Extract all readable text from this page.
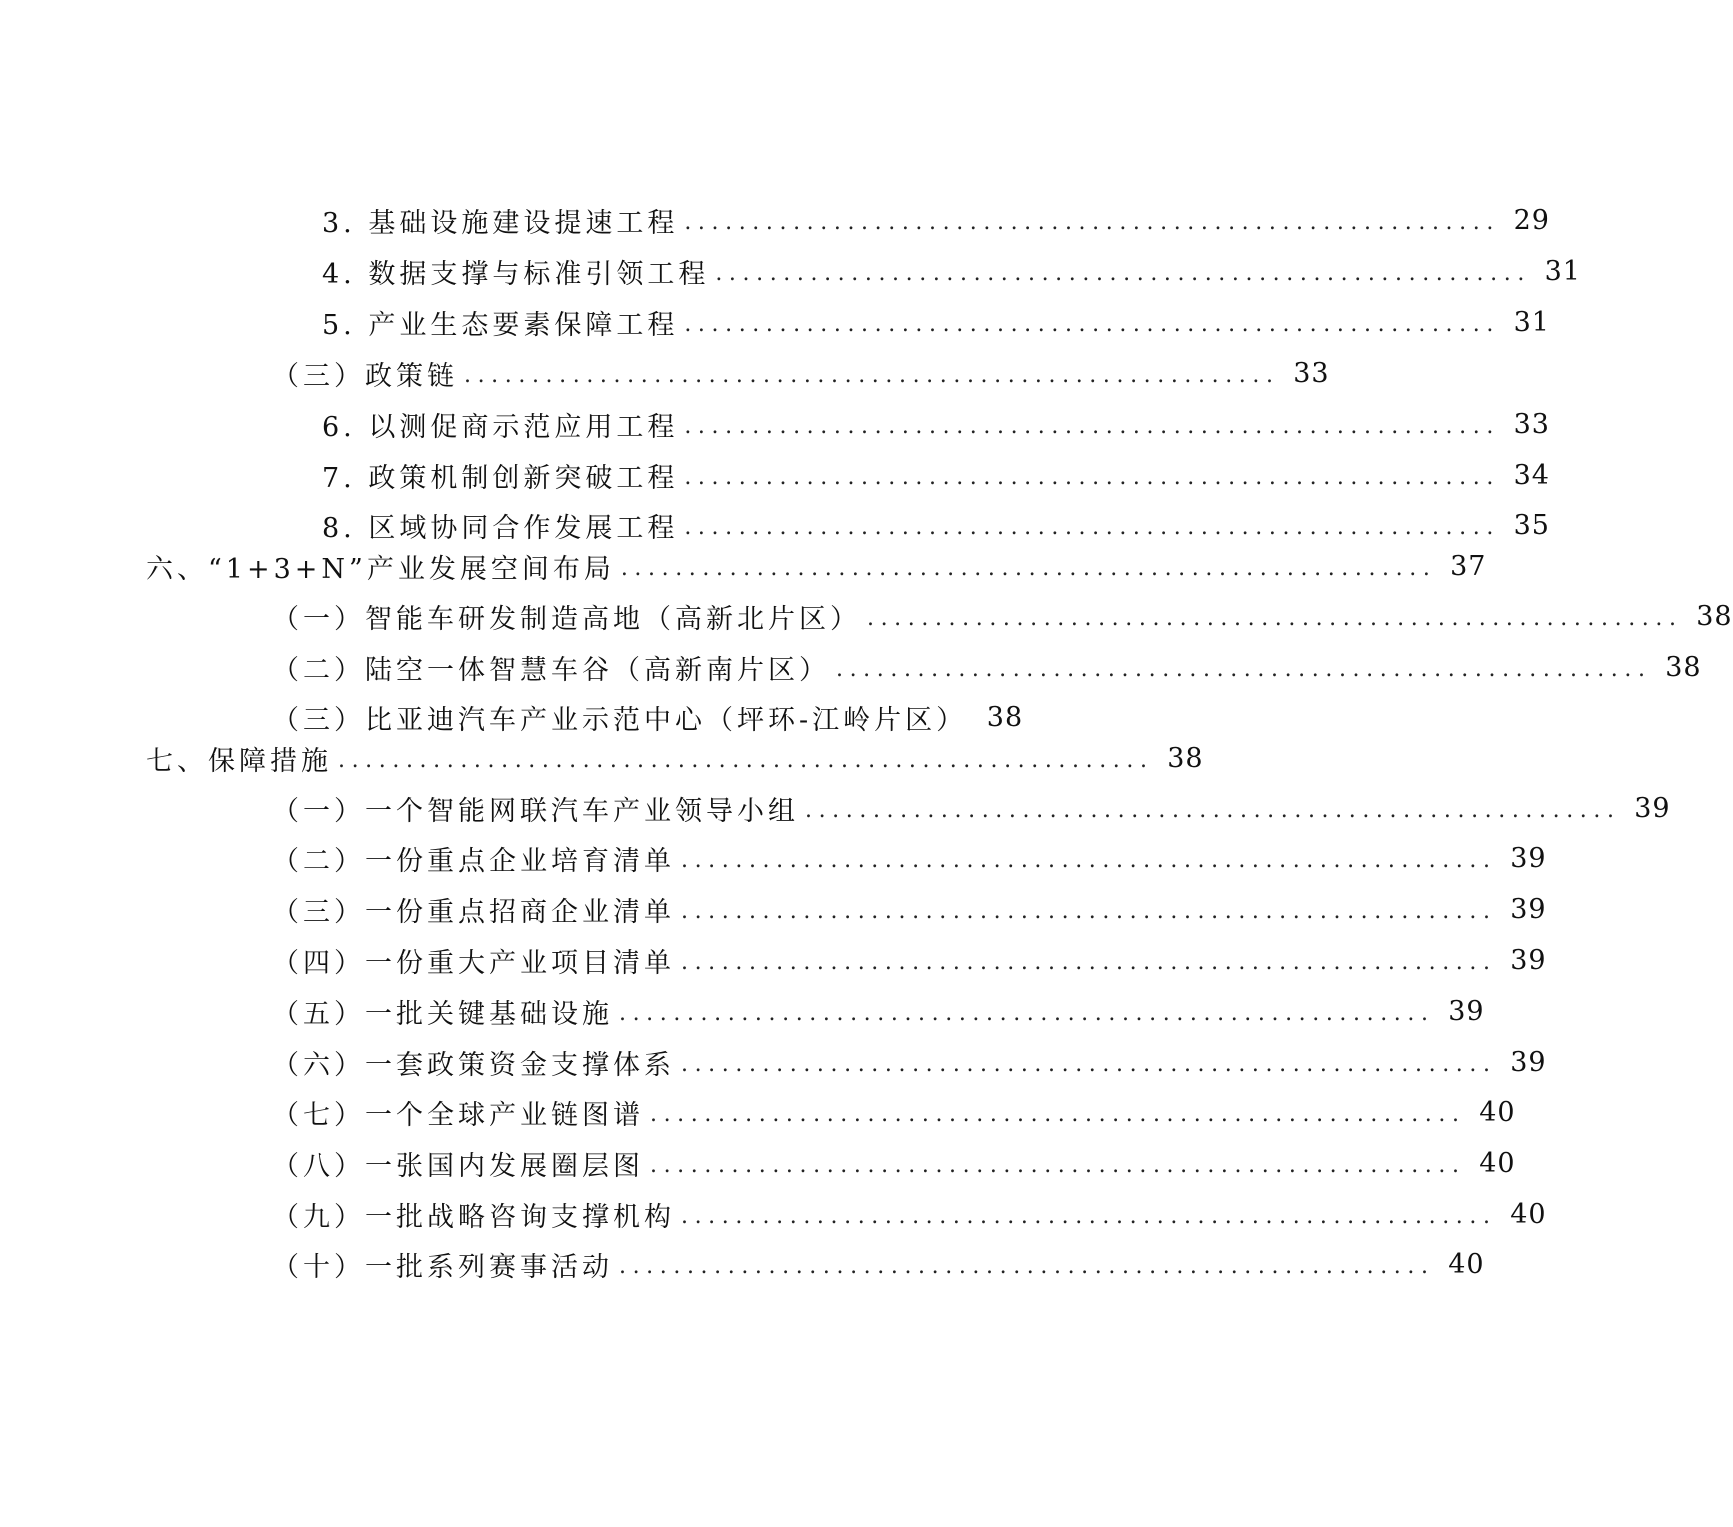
3. 基础设施建设提速工程 ............................................................ 29
4. 数据支撑与标准引领工程 ............................................................ 31
5. 产业生态要素保障工程 ............................................................ 31
（三）政策链 ............................................................ 33
6. 以测促商示范应用工程 ............................................................ 33
7. 政策机制创新突破工程 ............................................................ 34
8. 区域协同合作发展工程 ............................................................ 35
六、“1+3+N”产业发展空间布局 ............................................................ 37
（一）智能车研发制造高地（高新北片区） ............................................................ 38
（二）陆空一体智慧车谷（高新南片区） ............................................................ 38
（三）比亚迪汽车产业示范中心（坪环-江岭片区） 38
七、保障措施 ............................................................ 38
（一）一个智能网联汽车产业领导小组 ............................................................ 39
（二）一份重点企业培育清单 ............................................................ 39
（三）一份重点招商企业清单 ............................................................ 39
（四）一份重大产业项目清单 ............................................................ 39
（五）一批关键基础设施 ............................................................ 39
（六）一套政策资金支撑体系 ............................................................ 39
（七）一个全球产业链图谱 ............................................................ 40
（八）一张国内发展圈层图 ............................................................ 40
（九）一批战略咨询支撑机构 ............................................................ 40
（十）一批系列赛事活动 ............................................................ 40
